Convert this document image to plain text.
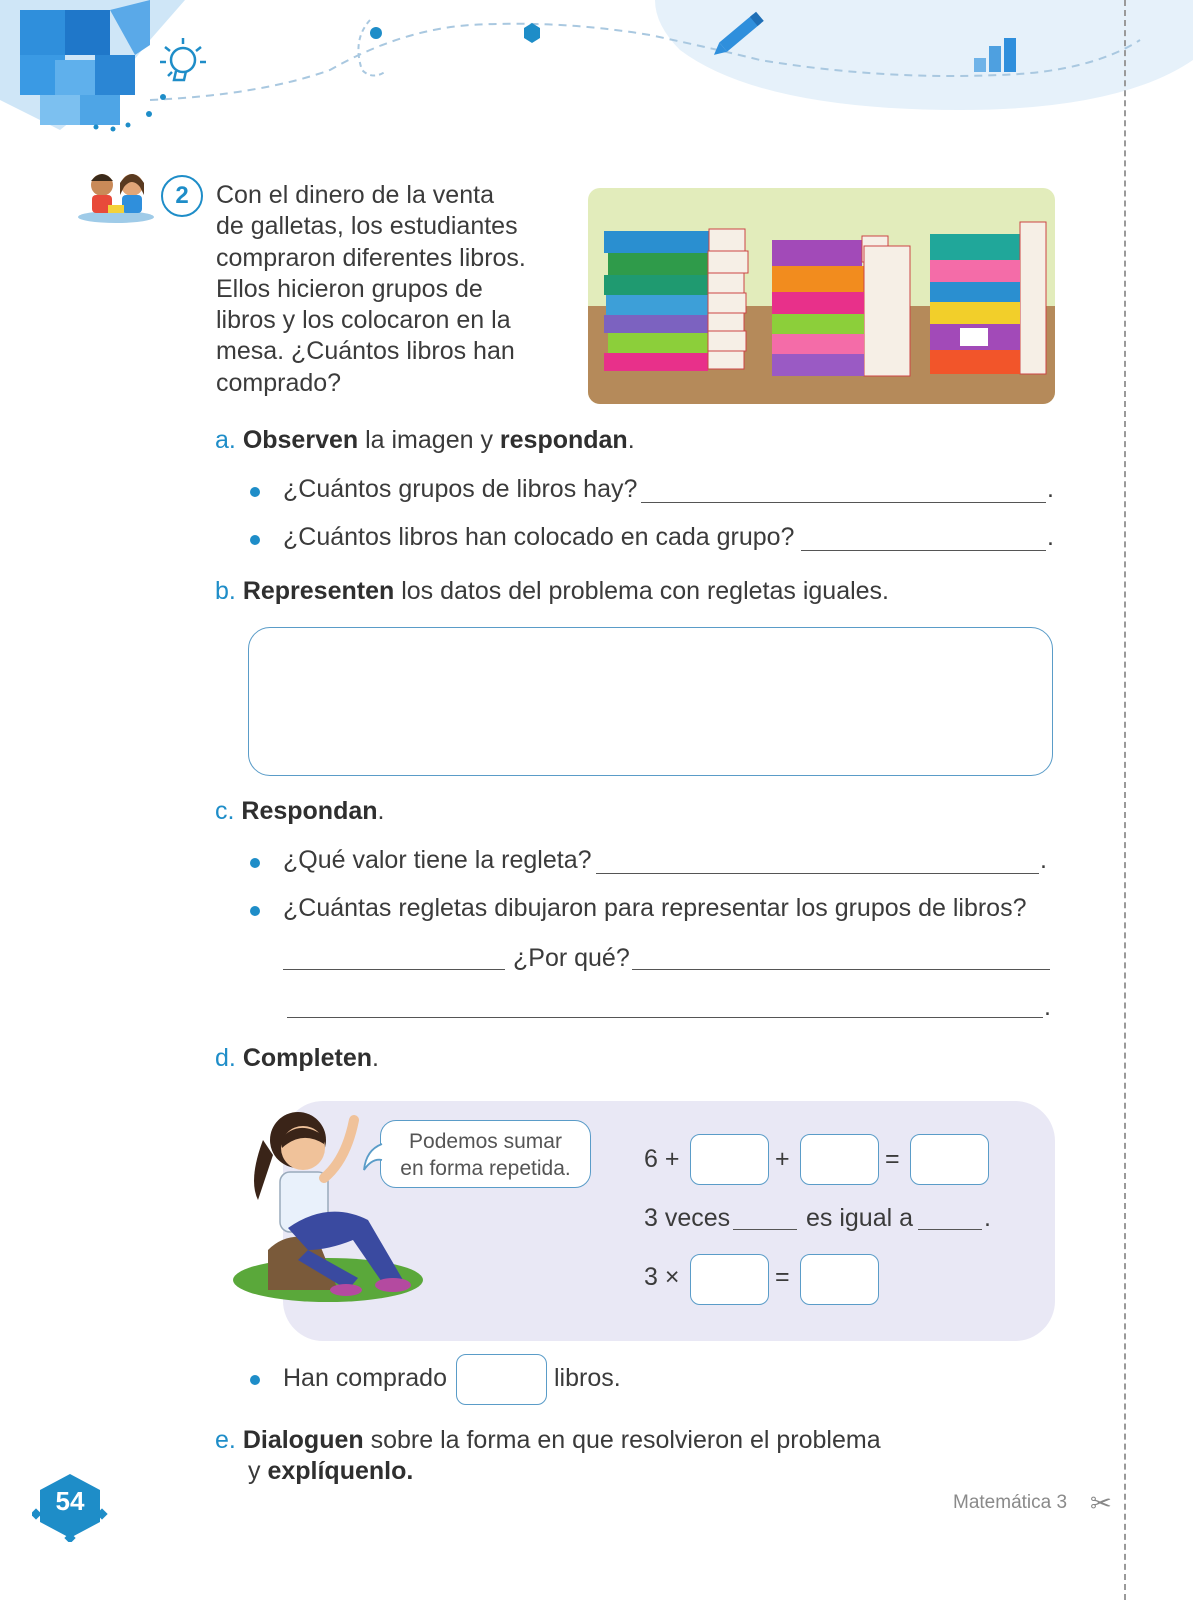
✂
2	Con el dinero de la venta
de galletas, los estudiantes
compraron diferentes libros.
Ellos hicieron grupos de
libros y los colocaron en la
mesa. ¿Cuántos libros han
comprado?
a. Observen la imagen y respondan.
¿Cuántos grupos de libros hay?	.
¿Cuántos libros han colocado en cada grupo?	.
b. Representen los datos del problema con regletas iguales.
c. Respondan.
¿Qué valor tiene la regleta?	.
¿Cuántas regletas dibujaron para representar los grupos de libros?
¿Por qué?
.
d. Completen.
Podemos sumar
en forma repetida.	6 +	+	=
3 veces	es igual a	.
3 ×	=
Han comprado	libros.
e. Dialoguen sobre la forma en que resolvieron el problema
y explíquenlo.
54	Matemática 3
